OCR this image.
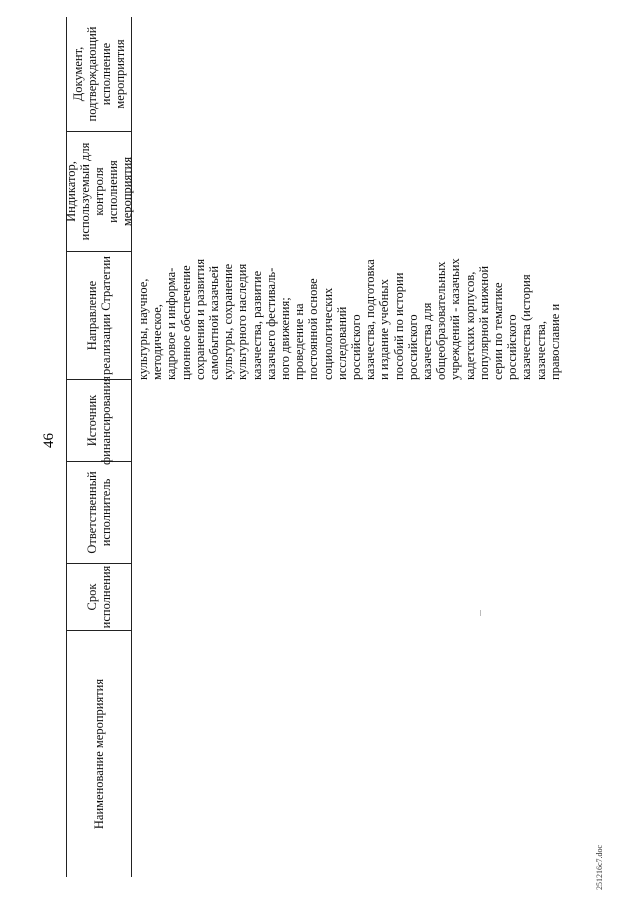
46
Наименование мероприятия
Срок
исполнения
Ответственный
исполнитель
Источник
финансирования
Направление
реализации Стратегии
Индикатор,
используемый для
контроля исполнения
мероприятия
Документ,
подтверждающий
исполнение
мероприятия
культуры, научное,
методическое,
кадровое и информа-
ционное обеспечение
сохранения и развития
самобытной казачьей
культуры, сохранение
культурного наследия
казачества, развитие
казачьего фестиваль-
ного движения;
проведение на
постоянной основе
социологических
исследований
российского
казачества, подготовка
и издание учебных
пособий по истории
российского
казачества для
общеобразовательных
учреждений - казачьих
кадетских корпусов,
популярной книжной
серии по тематике
российского
казачества (история
казачества,
православие и
251216c7.doc
